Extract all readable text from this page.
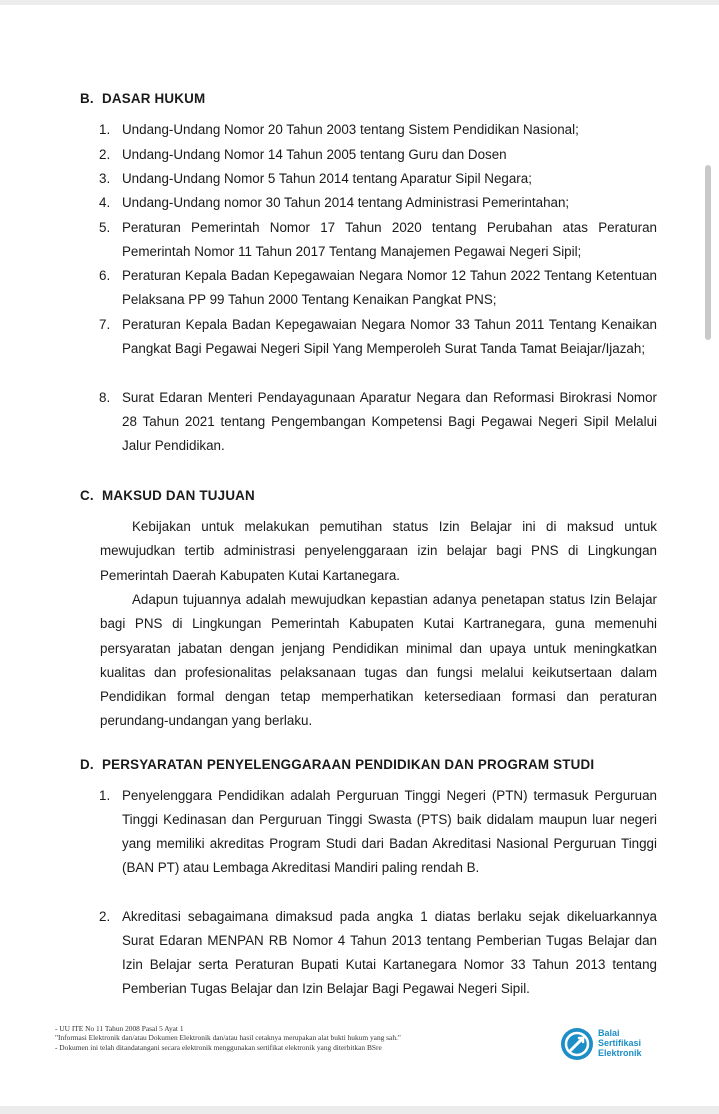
B. DASAR HUKUM
1. Undang-Undang Nomor 20 Tahun 2003 tentang Sistem Pendidikan Nasional;
2. Undang-Undang Nomor 14 Tahun 2005 tentang Guru dan Dosen
3. Undang-Undang Nomor 5 Tahun 2014 tentang Aparatur Sipil Negara;
4. Undang-Undang nomor 30 Tahun 2014 tentang Administrasi Pemerintahan;
5. Peraturan Pemerintah Nomor 17 Tahun 2020 tentang Perubahan atas Peraturan Pemerintah Nomor 11 Tahun 2017 Tentang Manajemen Pegawai Negeri Sipil;
6. Peraturan Kepala Badan Kepegawaian Negara Nomor 12 Tahun 2022 Tentang Ketentuan Pelaksana PP 99 Tahun 2000 Tentang Kenaikan Pangkat PNS;
7. Peraturan Kepala Badan Kepegawaian Negara Nomor 33 Tahun 2011 Tentang Kenaikan Pangkat Bagi Pegawai Negeri Sipil Yang Memperoleh Surat Tanda Tamat Beiajar/Ijazah;
8. Surat Edaran Menteri Pendayagunaan Aparatur Negara dan Reformasi Birokrasi Nomor 28 Tahun 2021 tentang Pengembangan Kompetensi Bagi Pegawai Negeri Sipil Melalui Jalur Pendidikan.
C. MAKSUD DAN TUJUAN
Kebijakan untuk melakukan pemutihan status Izin Belajar ini di maksud untuk mewujudkan tertib administrasi penyelenggaraan izin belajar bagi PNS di Lingkungan Pemerintah Daerah Kabupaten Kutai Kartanegara.
Adapun tujuannya adalah mewujudkan kepastian adanya penetapan status Izin Belajar bagi PNS di Lingkungan Pemerintah Kabupaten Kutai Kartranegara, guna memenuhi persyaratan jabatan dengan jenjang Pendidikan minimal dan upaya untuk meningkatkan kualitas dan profesionalitas pelaksanaan tugas dan fungsi melalui keikutsertaan dalam Pendidikan formal dengan tetap memperhatikan ketersediaan formasi dan peraturan perundang-undangan yang berlaku.
D. PERSYARATAN PENYELENGGARAAN PENDIDIKAN DAN PROGRAM STUDI
1. Penyelenggara Pendidikan adalah Perguruan Tinggi Negeri (PTN) termasuk Perguruan Tinggi Kedinasan dan Perguruan Tinggi Swasta (PTS) baik didalam maupun luar negeri yang memiliki akreditas Program Studi dari Badan Akreditasi Nasional Perguruan Tinggi (BAN PT) atau Lembaga Akreditasi Mandiri paling rendah B.
2. Akreditasi sebagaimana dimaksud pada angka 1 diatas berlaku sejak dikeluarkannya Surat Edaran MENPAN RB Nomor 4 Tahun 2013 tentang Pemberian Tugas Belajar dan Izin Belajar serta Peraturan Bupati Kutai Kartanegara Nomor 33 Tahun 2013 tentang Pemberian Tugas Belajar dan Izin Belajar Bagi Pegawai Negeri Sipil.
- UU ITE No 11 Tahun 2008 Pasal 5 Ayat 1
"Informasi Elektronik dan/atau Dokumen Elektronik dan/atau hasil cetaknya merupakan alat bukti hukum yang sah."
- Dokumen ini telah ditandatangani secara elektronik menggunakan sertifikat elektronik yang diterbitkan BSre
Balai
Sertifikasi
Elektronik
